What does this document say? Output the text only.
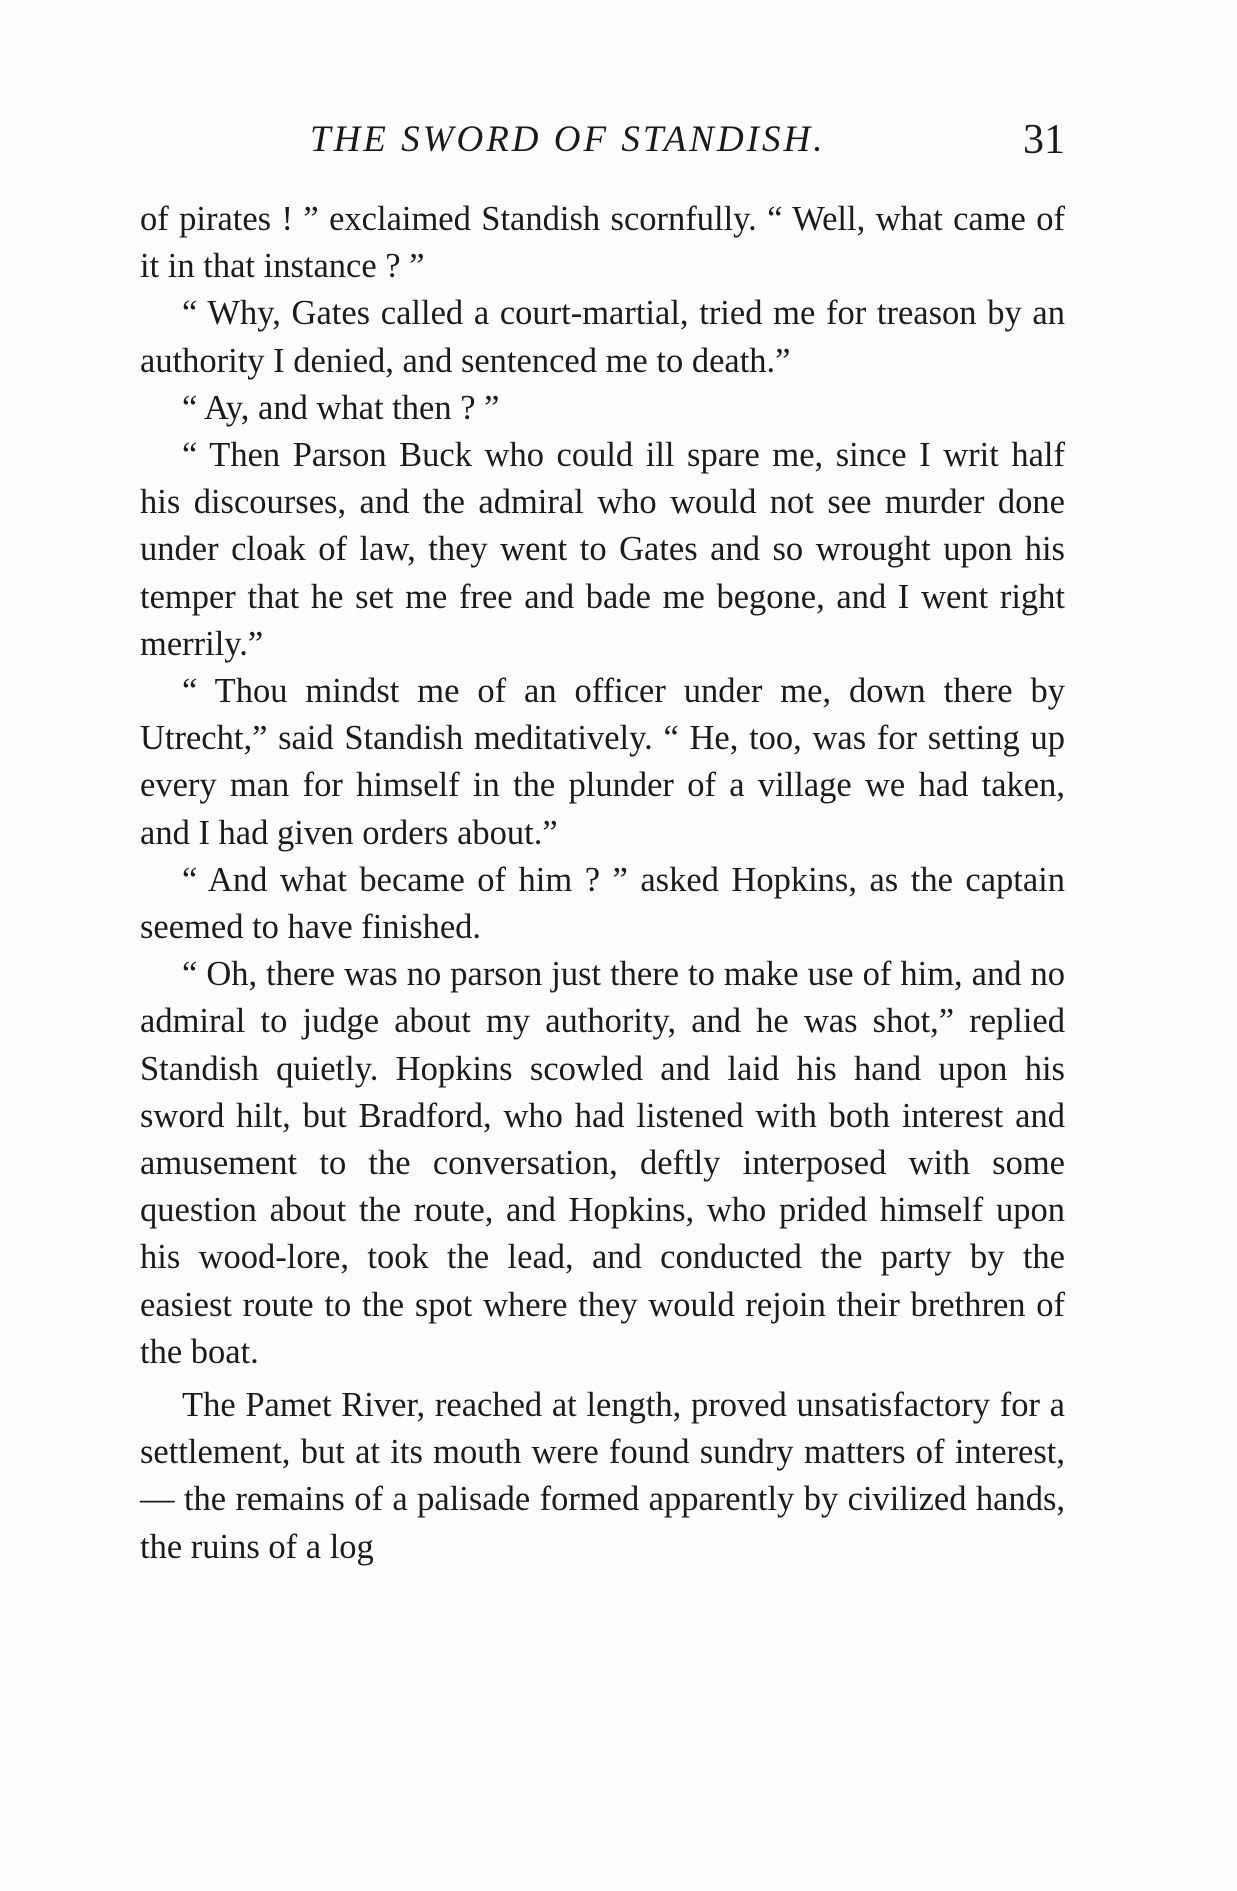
THE SWORD OF STANDISH.	31

of pirates ! ” exclaimed Standish scornfully. “ Well, what came of it in that instance ? ”

“ Why, Gates called a court-martial, tried me for treason by an authority I denied, and sentenced me to death.”

“ Ay, and what then ? ”

“ Then Parson Buck who could ill spare me, since I writ half his discourses, and the admiral who would not see murder done under cloak of law, they went to Gates and so wrought upon his temper that he set me free and bade me begone, and I went right merrily.”

“ Thou mindst me of an officer under me, down there by Utrecht,” said Standish meditatively. “ He, too, was for setting up every man for himself in the plunder of a village we had taken, and I had given orders about.”

“ And what became of him ? ” asked Hopkins, as the captain seemed to have finished.

“ Oh, there was no parson just there to make use of him, and no admiral to judge about my authority, and he was shot,” replied Standish quietly. Hopkins scowled and laid his hand upon his sword hilt, but Bradford, who had listened with both interest and amusement to the conversation, deftly interposed with some question about the route, and Hopkins, who prided himself upon his wood-lore, took the lead, and conducted the party by the easiest route to the spot where they would rejoin their brethren of the boat.

The Pamet River, reached at length, proved unsatisfactory for a settlement, but at its mouth were found sundry matters of interest, — the remains of a palisade formed apparently by civilized hands, the ruins of a log
